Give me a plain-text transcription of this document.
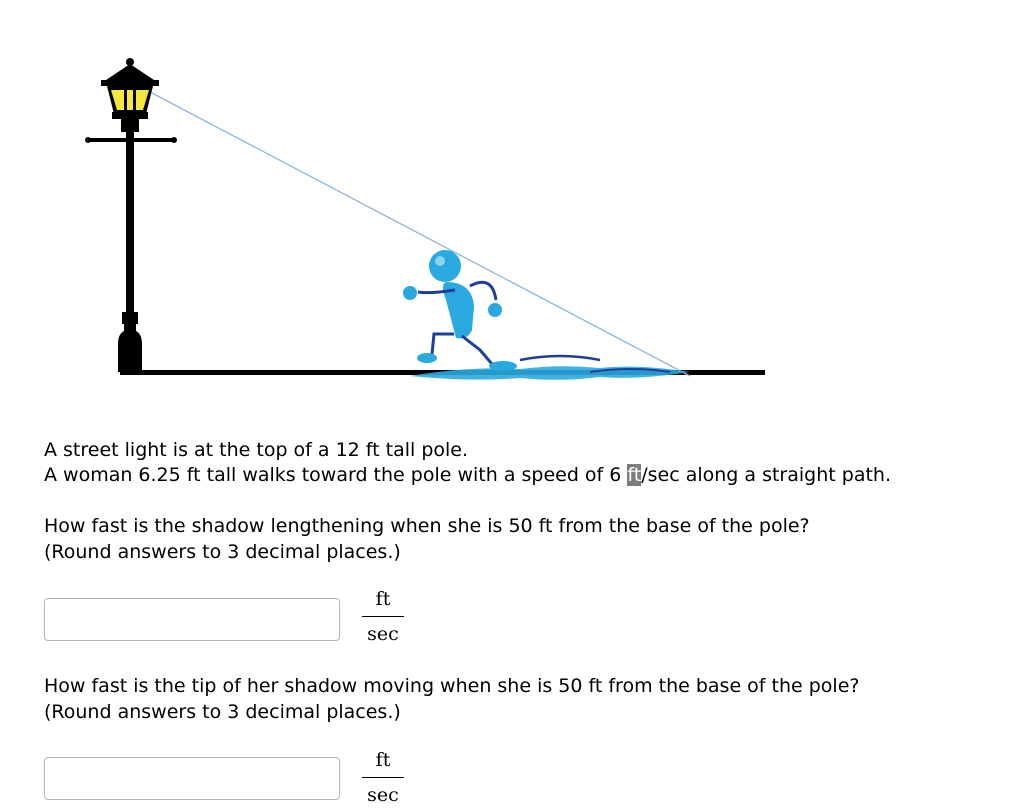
A street light is at the top of a 12 ft tall pole.
A woman 6.25 ft tall walks toward the pole with a speed of 6 ft/sec along a straight path.
How fast is the shadow lengthening when she is 50 ft from the base of the pole?
(Round answers to 3 decimal places.)
ft
sec
How fast is the tip of her shadow moving when she is 50 ft from the base of the pole?
(Round answers to 3 decimal places.)
ft
sec
